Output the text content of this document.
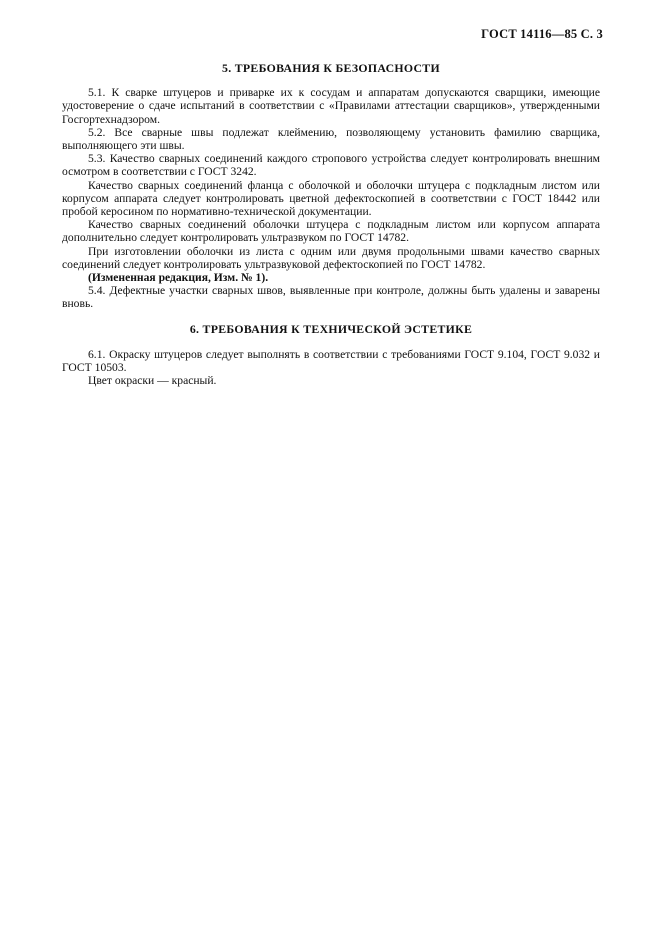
ГОСТ 14116—85 С. 3
5. ТРЕБОВАНИЯ К БЕЗОПАСНОСТИ

5.1. К сварке штуцеров и приварке их к сосудам и аппаратам допускаются сварщики, имеющие удостоверение о сдаче испытаний в соответствии с «Правилами аттестации сварщиков», утвержденными Госгортехнадзором.

5.2. Все сварные швы подлежат клеймению, позволяющему установить фамилию сварщика, выполняющего эти швы.

5.3. Качество сварных соединений каждого стропового устройства следует контролировать внешним осмотром в соответствии с ГОСТ 3242.

Качество сварных соединений фланца с оболочкой и оболочки штуцера с подкладным листом или корпусом аппарата следует контролировать цветной дефектоскопией в соответствии с ГОСТ 18442 или пробой керосином по нормативно-технической документации.

Качество сварных соединений оболочки штуцера с подкладным листом или корпусом аппарата дополнительно следует контролировать ультразвуком по ГОСТ 14782.

При изготовлении оболочки из листа с одним или двумя продольными швами качество сварных соединений следует контролировать ультразвуковой дефектоскопией по ГОСТ 14782.

(Измененная редакция, Изм. № 1).

5.4. Дефектные участки сварных швов, выявленные при контроле, должны быть удалены и заварены вновь.

6. ТРЕБОВАНИЯ К ТЕХНИЧЕСКОЙ ЭСТЕТИКЕ

6.1. Окраску штуцеров следует выполнять в соответствии с требованиями ГОСТ 9.104, ГОСТ 9.032 и ГОСТ 10503.

Цвет окраски — красный.
